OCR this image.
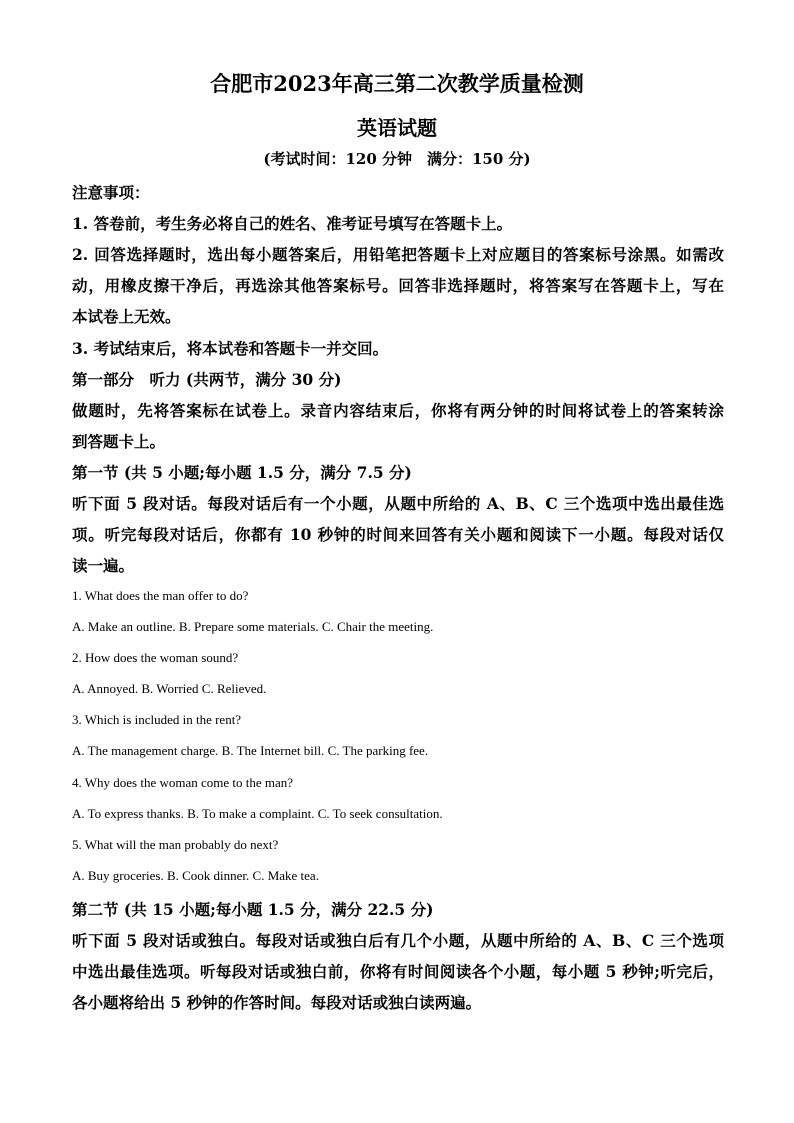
合肥市2023年高三第二次教学质量检测
英语试题
(考试时间：120 分钟　满分：150 分)
注意事项：
1. 答卷前，考生务必将自己的姓名、准考证号填写在答题卡上。
2. 回答选择题时，选出每小题答案后，用铅笔把答题卡上对应题目的答案标号涂黑。如需改
动，用橡皮擦干净后，再选涂其他答案标号。回答非选择题时，将答案写在答题卡上，写在
本试卷上无效。
3. 考试结束后，将本试卷和答题卡一并交回。
第一部分　听力 (共两节，满分 30 分)
做题时，先将答案标在试卷上。录音内容结束后，你将有两分钟的时间将试卷上的答案转涂
到答题卡上。
第一节 (共 5 小题;每小题 1.5 分，满分 7.5 分)
听下面 5 段对话。每段对话后有一个小题，从题中所给的 A、B、C 三个选项中选出最佳选
项。听完每段对话后，你都有 10 秒钟的时间来回答有关小题和阅读下一小题。每段对话仅
读一遍。
1. What does the man offer to do?
A. Make an outline. B. Prepare some materials. C. Chair the meeting.
2. How does the woman sound?
A. Annoyed. B. Worried C. Relieved.
3. Which is included in the rent?
A. The management charge. B. The Internet bill. C. The parking fee.
4. Why does the woman come to the man?
A. To express thanks. B. To make a complaint. C. To seek consultation.
5. What will the man probably do next?
A. Buy groceries. B. Cook dinner. C. Make tea.
第二节 (共 15 小题;每小题 1.5 分，满分 22.5 分)
听下面 5 段对话或独白。每段对话或独白后有几个小题，从题中所给的 A、B、C 三个选项
中选出最佳选项。听每段对话或独白前，你将有时间阅读各个小题，每小题 5 秒钟;听完后，
各小题将给出 5 秒钟的作答时间。每段对话或独白读两遍。
